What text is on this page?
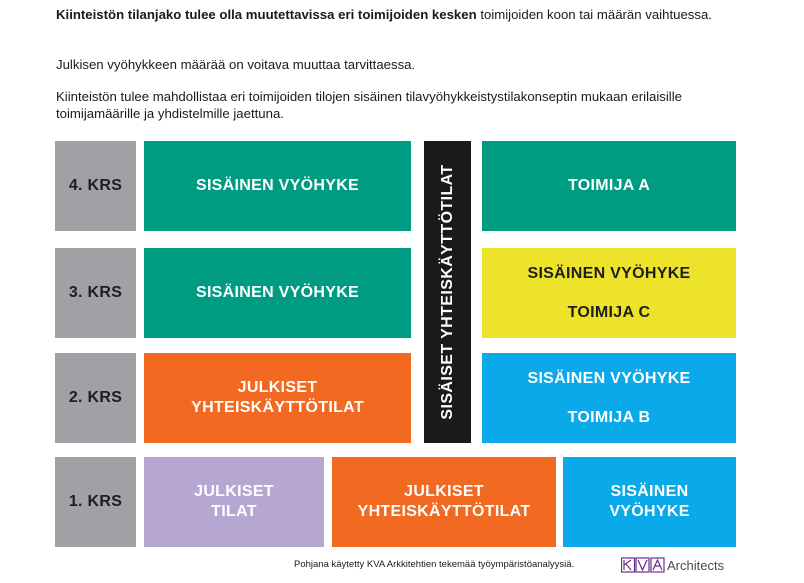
Kiinteistön tilanjako tulee olla muutettavissa eri toimijoiden kesken toimijoiden koon tai määrän vaihtuessa.

Julkisen vyöhykkeen määrää on voitava muuttaa tarvittaessa.

Kiinteistön tulee mahdollistaa eri toimijoiden tilojen sisäinen tilavyöhykkeistystilakonseptin mukaan erilaisille toimijamäärille ja yhdistelmille jaettuna.

4. KRS
3. KRS
2. KRS
1. KRS
SISÄINEN VYÖHYKE	TOIMIJA A
SISÄINEN VYÖHYKE
SISÄINEN VYÖHYKE
TOIMIJA C
JULKISET
YHTEISKÄYTTÖTILAT
SISÄINEN VYÖHYKE
TOIMIJA B
SISÄISET YHTEISKÄYTTÖTILAT
JULKISET
TILAT
JULKISET
YHTEISKÄYTTÖTILAT
SISÄINEN
VYÖHYKE
Pohjana käytetty KVA Arkkitehtien tekemää työympäristöanalyysiä.	Architects
